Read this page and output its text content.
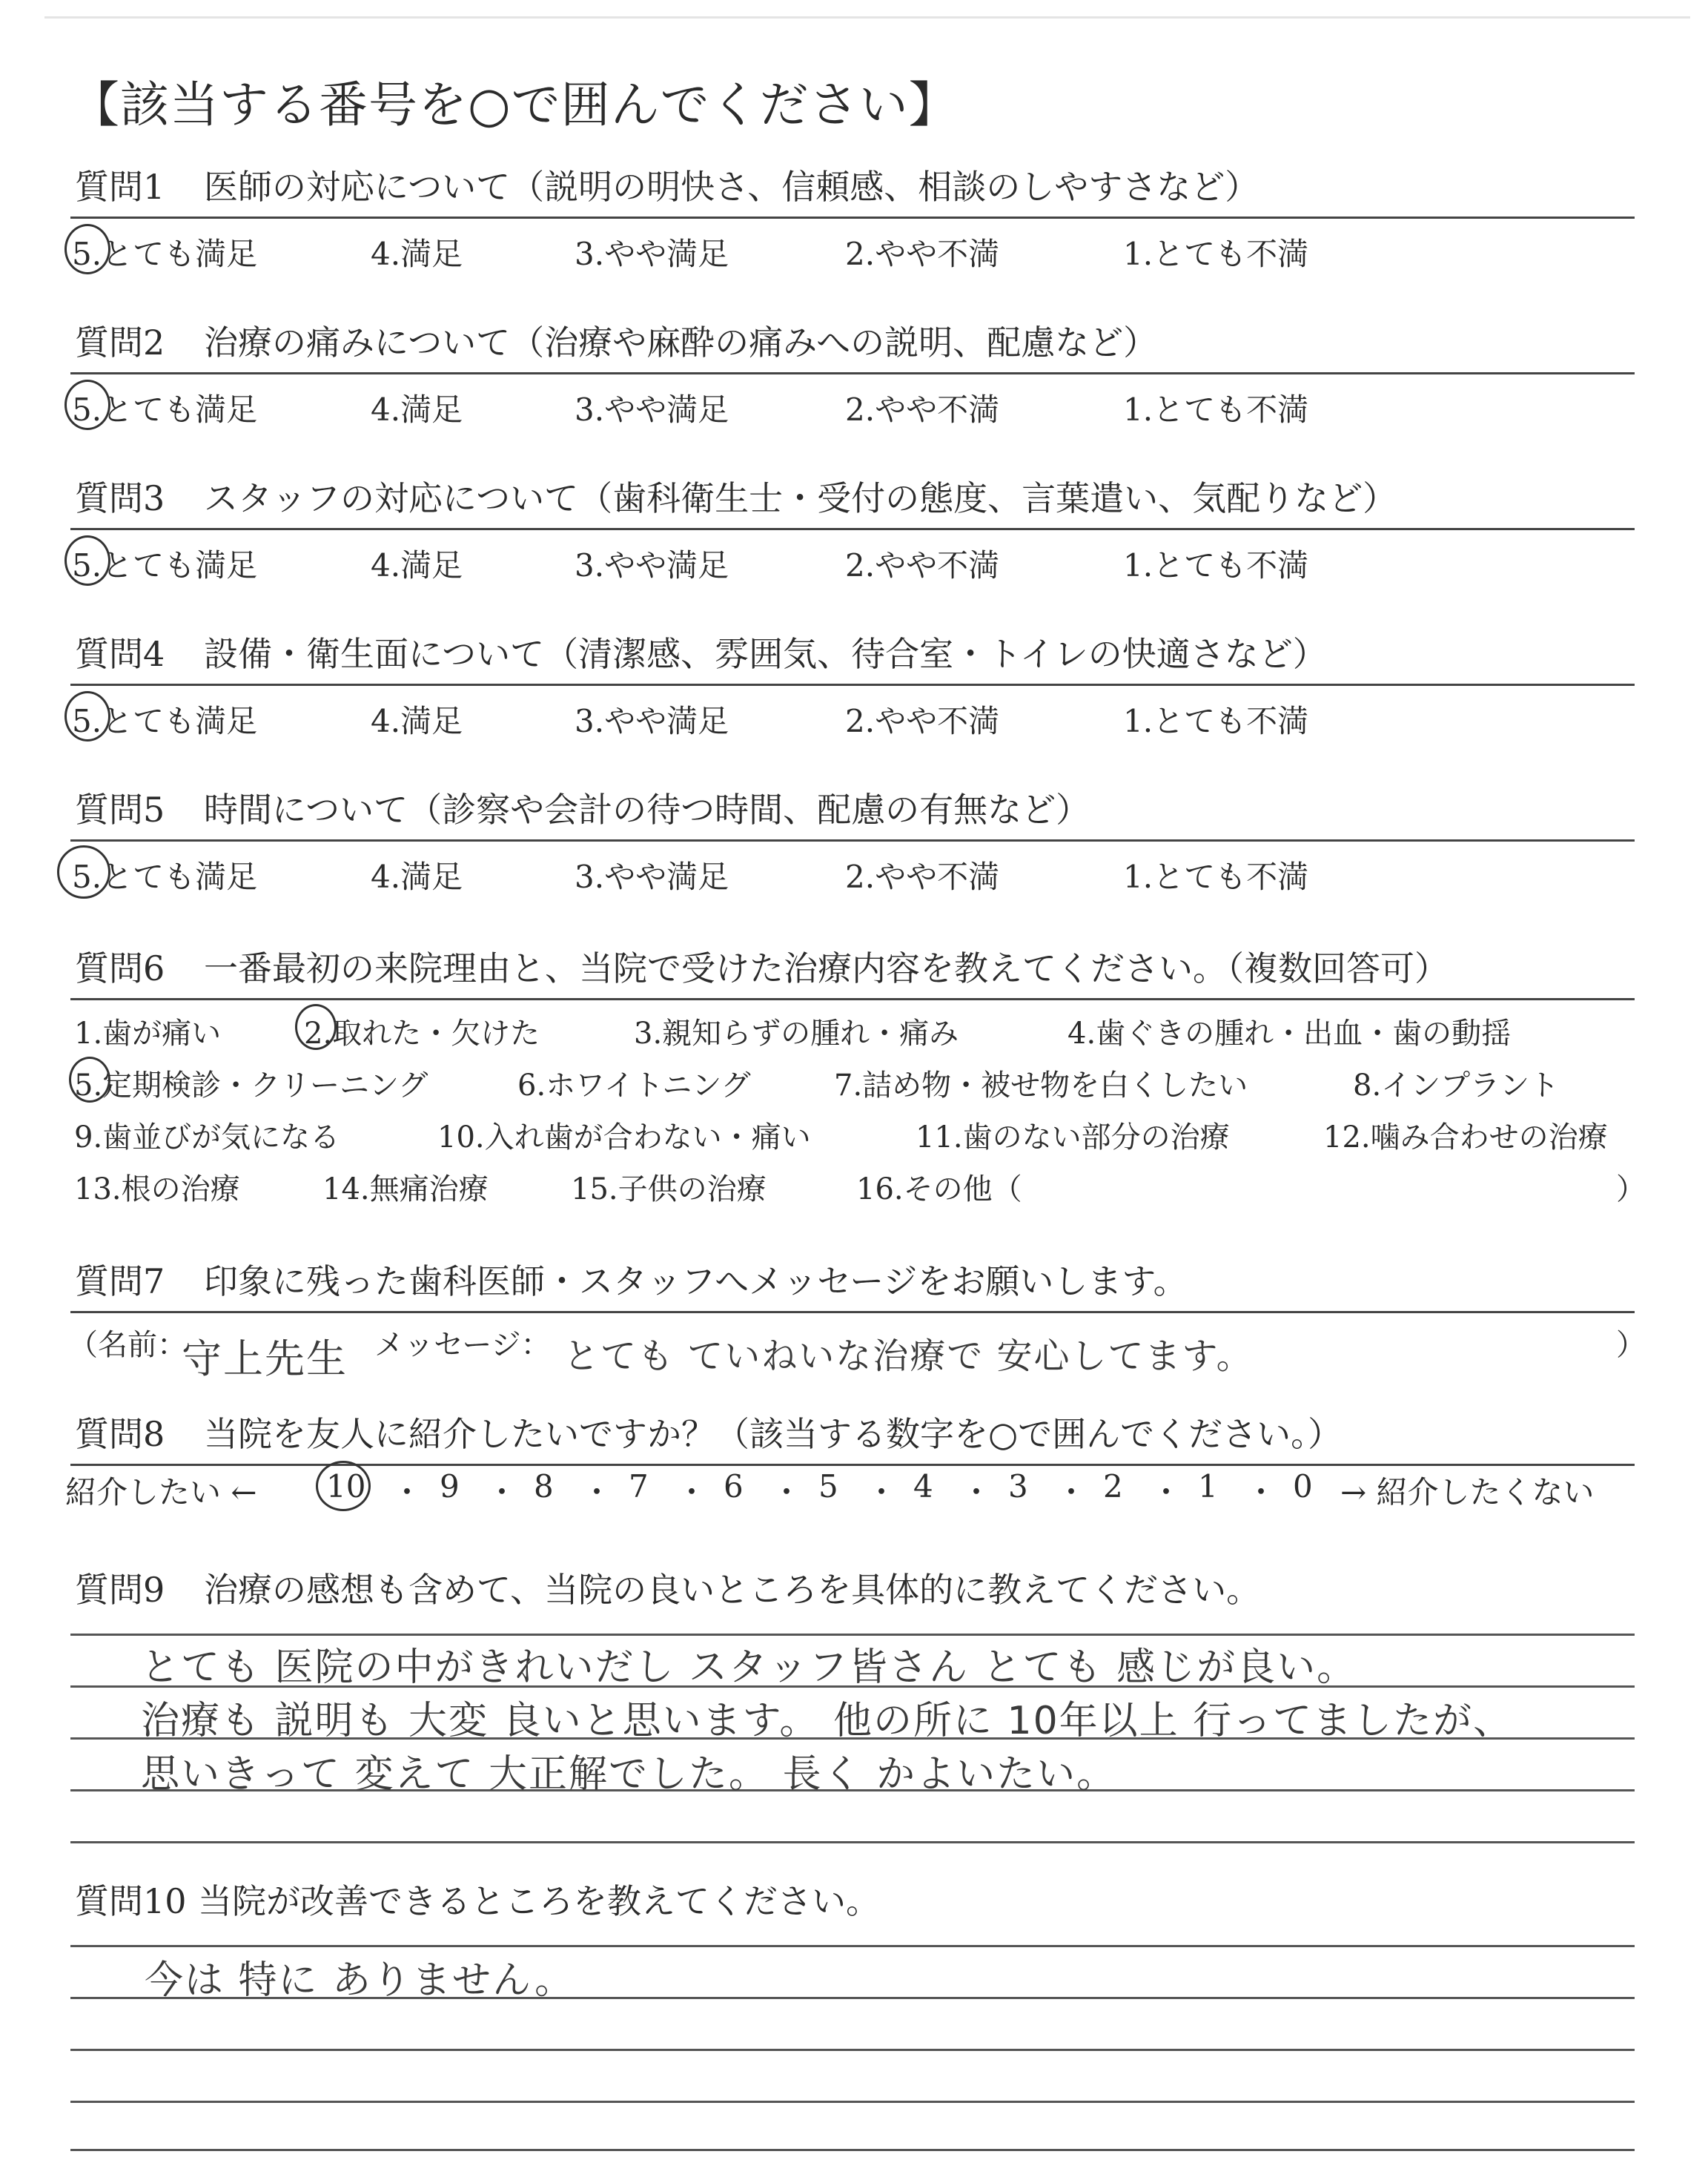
【該当する番号を○で囲んでください】
質問1 医師の対応について（説明の明快さ、信頼感、相談のしやすさなど）
5.とても満足	4.満足	3.やや満足	2.やや不満	1.とても不満
質問2 治療の痛みについて（治療や麻酔の痛みへの説明、配慮など）
5.とても満足	4.満足	3.やや満足	2.やや不満	1.とても不満
質問3 スタッフの対応について（歯科衛生士・受付の態度、言葉遣い、気配りなど）
5.とても満足	4.満足	3.やや満足	2.やや不満	1.とても不満
質問4 設備・衛生面について（清潔感、雰囲気、待合室・トイレの快適さなど）
5.とても満足	4.満足	3.やや満足	2.やや不満	1.とても不満
質問5 時間について（診察や会計の待つ時間、配慮の有無など）
5.とても満足	4.満足	3.やや満足	2.やや不満	1.とても不満
質問6 一番最初の来院理由と、当院で受けた治療内容を教えてください。（複数回答可）
1.歯が痛い	2.取れた・欠けた	3.親知らずの腫れ・痛み	4.歯ぐきの腫れ・出血・歯の動揺
5.定期検診・クリーニング	6.ホワイトニング	7.詰め物・被せ物を白くしたい	8.インプラント
9.歯並びが気になる	10.入れ歯が合わない・痛い	11.歯のない部分の治療	12.噛み合わせの治療
13.根の治療	14.無痛治療	15.子供の治療	16.その他（	）
質問7 印象に残った歯科医師・スタッフへメッセージをお願いします。
（名前：
守上先生 メッセージ： とても ていねいな治療で 安心してます。	）
質問8 当院を友人に紹介したいですか？（該当する数字を○で囲んでください。）
紹介したい ← 10 ・ 9 ・ 8 ・ 7 ・ 6 ・ 5 ・ 4 ・ 3 ・ 2 ・ 1 ・ 0 → 紹介したくない
質問9 治療の感想も含めて、当院の良いところを具体的に教えてください。
とても 医院の中がきれいだし スタッフ皆さん とても 感じが良い。
治療も 説明も 大変 良いと思います。 他の所に 10年以上 行ってましたが、
思いきって 変えて 大正解でした。 長く かよいたい。
質問10 当院が改善できるところを教えてください。
今は 特に ありません。
